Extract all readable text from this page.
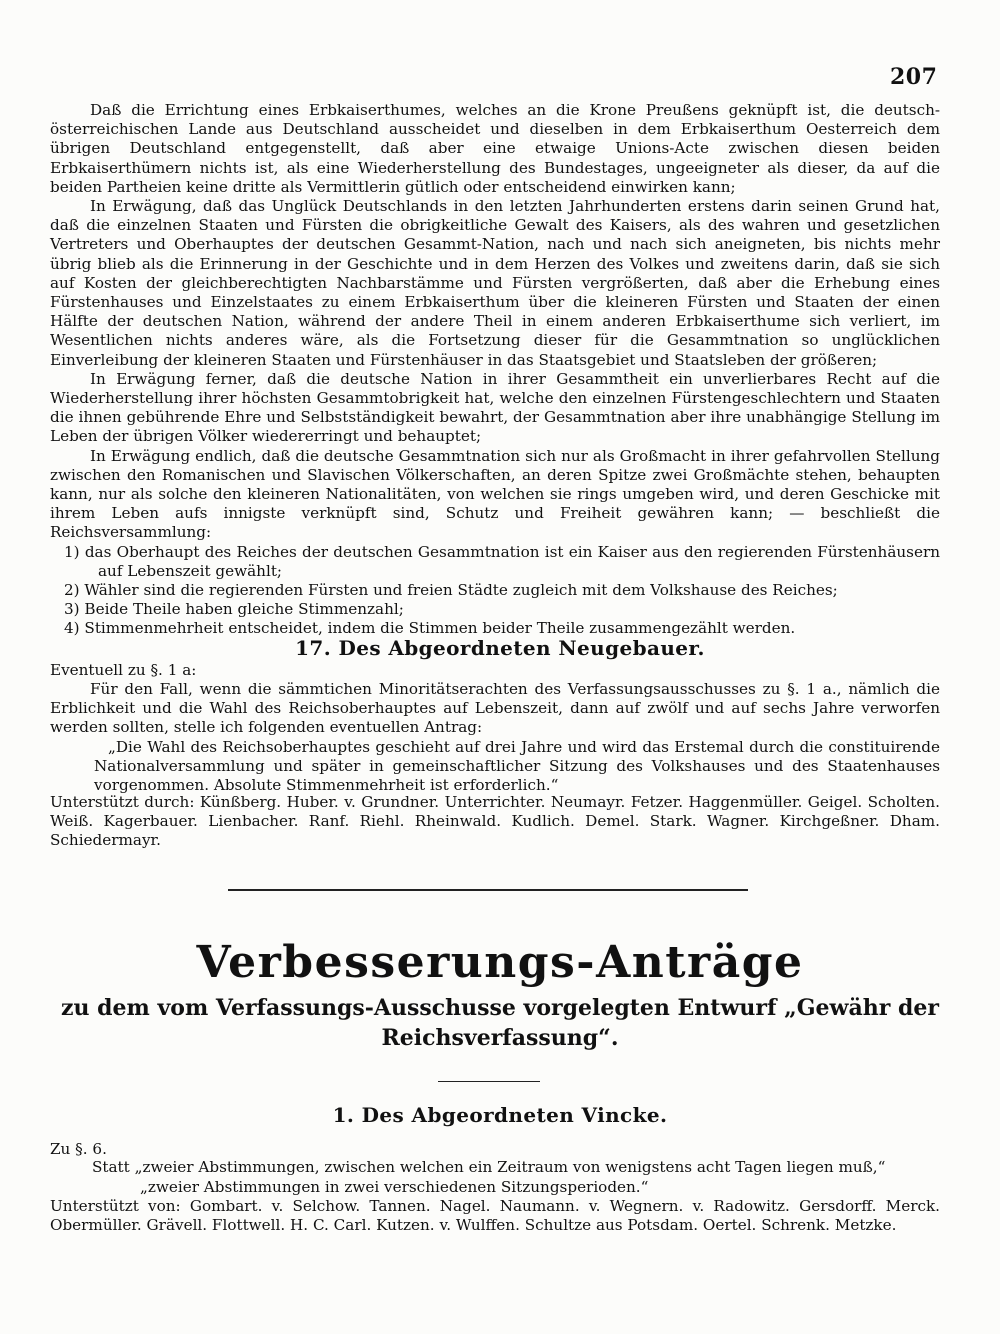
207

Daß die Errichtung eines Erbkaiserthumes, welches an die Krone Preußens geknüpft ist, die deutsch-österreichischen Lande aus Deutschland ausscheidet und dieselben in dem Erbkaiserthum Oesterreich dem übrigen Deutschland entgegenstellt, daß aber eine etwaige Unions-Acte zwischen diesen beiden Erbkaiserthümern nichts ist, als eine Wiederherstellung des Bundestages, ungeeigneter als dieser, da auf die beiden Partheien keine dritte als Vermittlerin gütlich oder entscheidend einwirken kann;

In Erwägung, daß das Unglück Deutschlands in den letzten Jahrhunderten erstens darin seinen Grund hat, daß die einzelnen Staaten und Fürsten die obrigkeitliche Gewalt des Kaisers, als des wahren und gesetzlichen Vertreters und Oberhauptes der deutschen Gesammt-Nation, nach und nach sich aneigneten, bis nichts mehr übrig blieb als die Erinnerung in der Geschichte und in dem Herzen des Volkes und zweitens darin, daß sie sich auf Kosten der gleichberechtigten Nachbarstämme und Fürsten vergrößerten, daß aber die Erhebung eines Fürstenhauses und Einzelstaates zu einem Erbkaiserthum über die kleineren Fürsten und Staaten der einen Hälfte der deutschen Nation, während der andere Theil in einem anderen Erbkaiserthume sich verliert, im Wesentlichen nichts anderes wäre, als die Fortsetzung dieser für die Gesammtnation so unglücklichen Einverleibung der kleineren Staaten und Fürstenhäuser in das Staatsgebiet und Staatsleben der größeren;

In Erwägung ferner, daß die deutsche Nation in ihrer Gesammtheit ein unverlierbares Recht auf die Wiederherstellung ihrer höchsten Gesammtobrigkeit hat, welche den einzelnen Fürstengeschlechtern und Staaten die ihnen gebührende Ehre und Selbstständigkeit bewahrt, der Gesammtnation aber ihre unabhängige Stellung im Leben der übrigen Völker wiedererringt und behauptet;

In Erwägung endlich, daß die deutsche Gesammtnation sich nur als Großmacht in ihrer gefahrvollen Stellung zwischen den Romanischen und Slavischen Völkerschaften, an deren Spitze zwei Großmächte stehen, behaupten kann, nur als solche den kleineren Nationalitäten, von welchen sie rings umgeben wird, und deren Geschicke mit ihrem Leben aufs innigste verknüpft sind, Schutz und Freiheit gewähren kann; — beschließt die Reichsversammlung:

1) das Oberhaupt des Reiches der deutschen Gesammtnation ist ein Kaiser aus den regierenden Fürstenhäusern auf Lebenszeit gewählt;

2) Wähler sind die regierenden Fürsten und freien Städte zugleich mit dem Volkshause des Reiches;

3) Beide Theile haben gleiche Stimmenzahl;

4) Stimmenmehrheit entscheidet, indem die Stimmen beider Theile zusammengezählt werden.

17. Des Abgeordneten Neugebauer.
Eventuell zu §. 1 a:

Für den Fall, wenn die sämmtichen Minoritätserachten des Verfassungsausschusses zu §. 1 a., nämlich die Erblichkeit und die Wahl des Reichsoberhauptes auf Lebenszeit, dann auf zwölf und auf sechs Jahre verworfen werden sollten, stelle ich folgenden eventuellen Antrag:

„Die Wahl des Reichsoberhauptes geschieht auf drei Jahre und wird das Erstemal durch die constituirende Nationalversammlung und später in gemeinschaftlicher Sitzung des Volkshauses und des Staatenhauses vorgenommen. Absolute Stimmenmehrheit ist erforderlich.“

Unterstützt durch: Künßberg. Huber. v. Grundner. Unterrichter. Neumayr. Fetzer. Haggenmüller. Geigel. Scholten. Weiß. Kagerbauer. Lienbacher. Ranf. Riehl. Rheinwald. Kudlich. Demel. Stark. Wagner. Kirchgeßner. Dham. Schiedermayr.

Verbesserungs-Anträge
zu dem vom Verfassungs-Ausschusse vorgelegten Entwurf „Gewähr der
Reichsverfassung“.
1. Des Abgeordneten Vincke.
Zu §. 6.
Statt „zweier Abstimmungen, zwischen welchen ein Zeitraum von wenigstens acht Tagen liegen muß,“
„zweier Abstimmungen in zwei verschiedenen Sitzungsperioden.“

Unterstützt von: Gombart. v. Selchow. Tannen. Nagel. Naumann. v. Wegnern. v. Radowitz. Gersdorff. Merck. Obermüller. Grävell. Flottwell. H. C. Carl. Kutzen. v. Wulffen. Schultze aus Potsdam. Oertel. Schrenk. Metzke.
